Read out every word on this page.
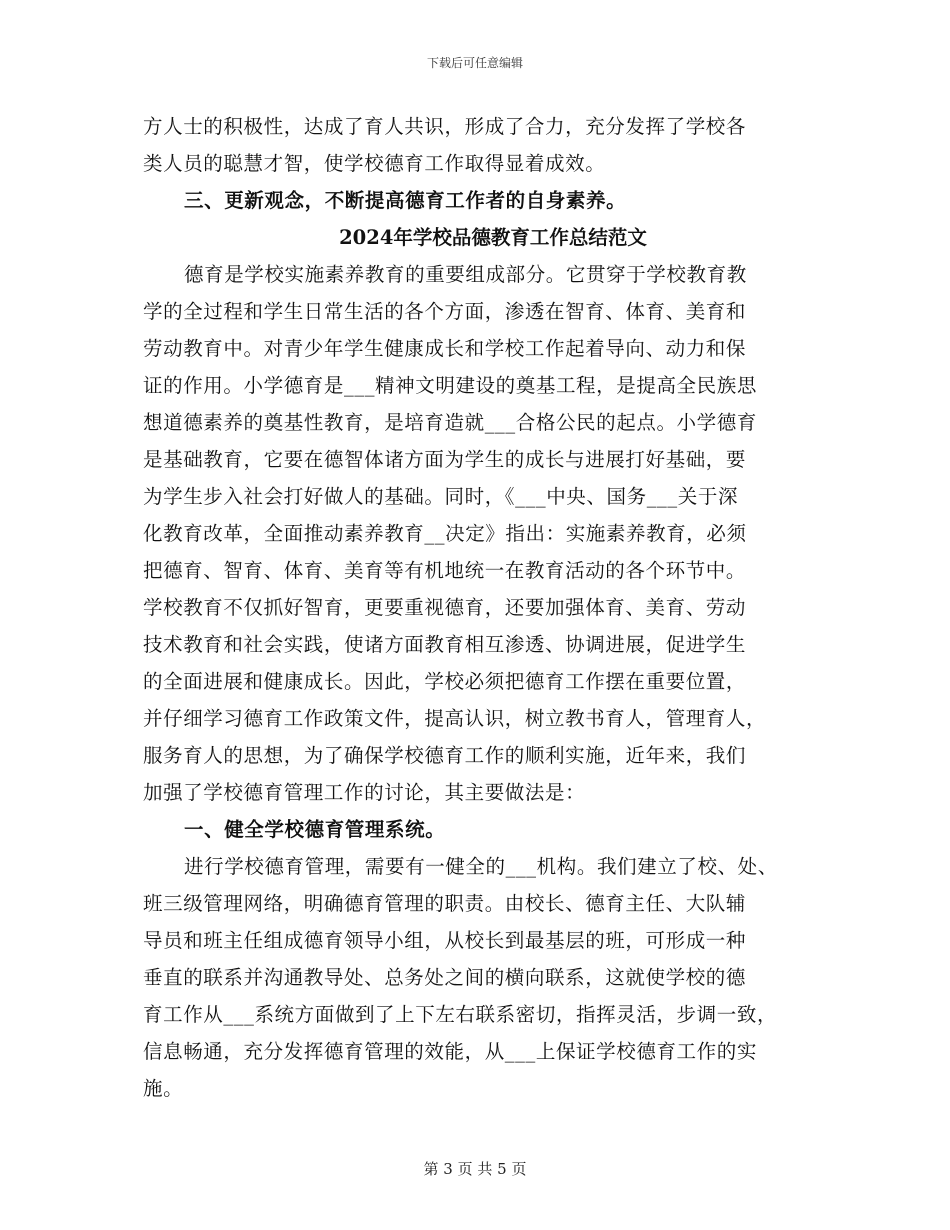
下载后可任意编辑
方人士的积极性，达成了育人共识，形成了合力，充分发挥了学校各
类人员的聪慧才智，使学校德育工作取得显着成效。
三、更新观念，不断提高德育工作者的自身素养。
2024年学校品德教育工作总结范文
德育是学校实施素养教育的重要组成部分。它贯穿于学校教育教
学的全过程和学生日常生活的各个方面，渗透在智育、体育、美育和
劳动教育中。对青少年学生健康成长和学校工作起着导向、动力和保
证的作用。小学德育是___精神文明建设的奠基工程，是提高全民族思
想道德素养的奠基性教育，是培育造就___合格公民的起点。小学德育
是基础教育，它要在德智体诸方面为学生的成长与进展打好基础，要
为学生步入社会打好做人的基础。同时，《___中央、国务___关于深
化教育改革，全面推动素养教育__决定》指出：实施素养教育，必须
把德育、智育、体育、美育等有机地统一在教育活动的各个环节中。
学校教育不仅抓好智育，更要重视德育，还要加强体育、美育、劳动
技术教育和社会实践，使诸方面教育相互渗透、协调进展，促进学生
的全面进展和健康成长。因此，学校必须把德育工作摆在重要位置，
并仔细学习德育工作政策文件，提高认识，树立教书育人，管理育人，
服务育人的思想，为了确保学校德育工作的顺利实施，近年来，我们
加强了学校德育管理工作的讨论，其主要做法是：
一、健全学校德育管理系统。
进行学校德育管理，需要有一健全的___机构。我们建立了校、处、
班三级管理网络，明确德育管理的职责。由校长、德育主任、大队辅
导员和班主任组成德育领导小组，从校长到最基层的班，可形成一种
垂直的联系并沟通教导处、总务处之间的横向联系，这就使学校的德
育工作从___系统方面做到了上下左右联系密切，指挥灵活，步调一致，
信息畅通，充分发挥德育管理的效能，从___上保证学校德育工作的实
施。
第 3 页 共 5 页
